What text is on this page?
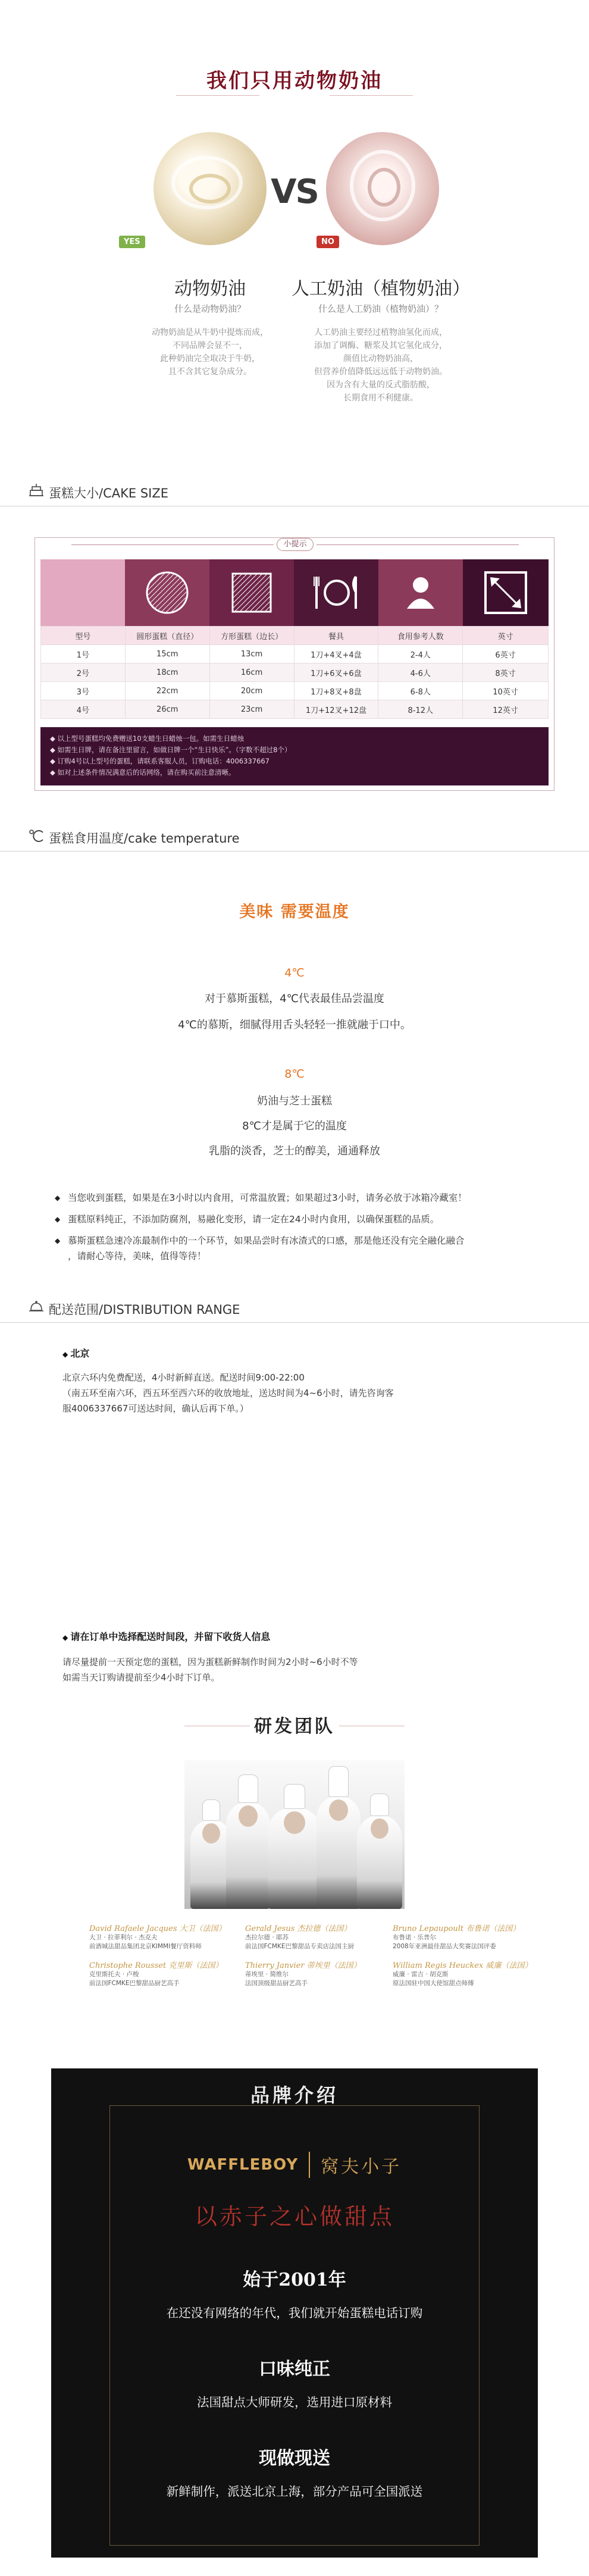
我们只用动物奶油
VS
YES	NO
动物奶油
什么是动物奶油？
动物奶油是从牛奶中提炼而成，
不同品牌会显不一，
此种奶油完全取决于牛奶，
且不含其它复杂成分。
人工奶油（植物奶油）
什么是人工奶油（植物奶油）？
人工奶油主要经过植物油氢化而成，
添加了调酶、糖浆及其它氢化成分，
颜值比动物奶油高，
但营养价值降低远远低于动物奶油。
因为含有大量的反式脂肪酸，
长期食用不利健康。
蛋糕大小/CAKE SIZE
小提示
型号	圆形蛋糕（直径）	方形蛋糕（边长）	餐具	食用参考人数	英寸
1号	15cm	13cm	1刀+4叉+4盘	2-4人	6英寸
2号	18cm	16cm	1刀+6叉+6盘	4-6人	8英寸
3号	22cm	20cm	1刀+8叉+8盘	6-8人	10英寸
4号	26cm	23cm	1刀+12叉+12盘	8-12人	12英寸
◆ 以上型号蛋糕均免费赠送10支蜡生日蜡烛一包。如需生日蜡烛
◆ 如需生日牌，请在备注里留言，如做日牌一个“生日快乐”。（字数不超过8个）
◆ 订购4号以上型号的蛋糕，请联系客服人员，订购电话：4006337667
◆ 如对上述条件情况满意后的话网络，请在购买前注意清晰。
蛋糕食用温度/cake temperature
美味 需要温度
4℃
对于慕斯蛋糕，4℃代表最佳品尝温度
4℃的慕斯，细腻得用舌头轻轻一推就融于口中。
8℃
奶油与芝士蛋糕
8℃才是属于它的温度
乳脂的淡香，芝士的醇美，通通释放
◆ 当您收到蛋糕，如果是在3小时以内食用，可常温放置；如果超过3小时，请务必放于冰箱冷藏室！
◆ 蛋糕原料纯正，不添加防腐剂，易融化变形，请一定在24小时内食用，以确保蛋糕的品质。
◆ 慕斯蛋糕急速冷冻最制作中的一个环节，如果品尝时有冰渣式的口感，那是他还没有完全融化融合
，请耐心等待，美味，值得等待！
配送范围/DISTRIBUTION RANGE
◆ 北京
北京六环内免费配送，4小时新鲜直送。配送时间9:00-22:00
（南五环至南六环，西五环至西六环的收放地址，送达时间为4~6小时，请先咨询客
服4006337667可送达时间，确认后再下单。）
◆ 请在订单中选择配送时间段，并留下收货人信息
请尽量提前一天预定您的蛋糕，因为蛋糕新鲜制作时间为2小时~6小时不等
如需当天订购请提前至少4小时下订单。
研发团队
David Rafaele Jacques 大卫（法国）
大卫 · 拉菲利尔 · 杰克夫
前酒城法甜品集团北京KIMMI餐厅资料师
Gerald Jesus 杰拉德（法国）
杰拉尔德 · 耶苏
前法国FCMKE巴黎甜品专卖店法国主厨
Bruno Lepaupoult 布鲁诺（法国）
布鲁诺 · 乐普尔
2008年亚洲最佳甜品大奖赛法国评委
Christophe Rousset 克里斯（法国）
克里斯托夫 · 卢梭
前法国FCMKE巴黎甜品厨艺高手
Thierry Janvier 蒂埃里（法国）
蒂埃里 · 简维尔
法国顶级甜品厨艺高手
William Regis Heuckex 威廉（法国）
威廉 · 雷吉 · 胡克斯
原法国驻中国大使馆甜点师傅
品牌介绍
WAFFLEBOY 窝夫小子
以赤子之心做甜点
始于2001年
在还没有网络的年代，我们就开始蛋糕电话订购
口味纯正
法国甜点大师研发，选用进口原材料
现做现送
新鲜制作，派送北京上海，部分产品可全国派送
